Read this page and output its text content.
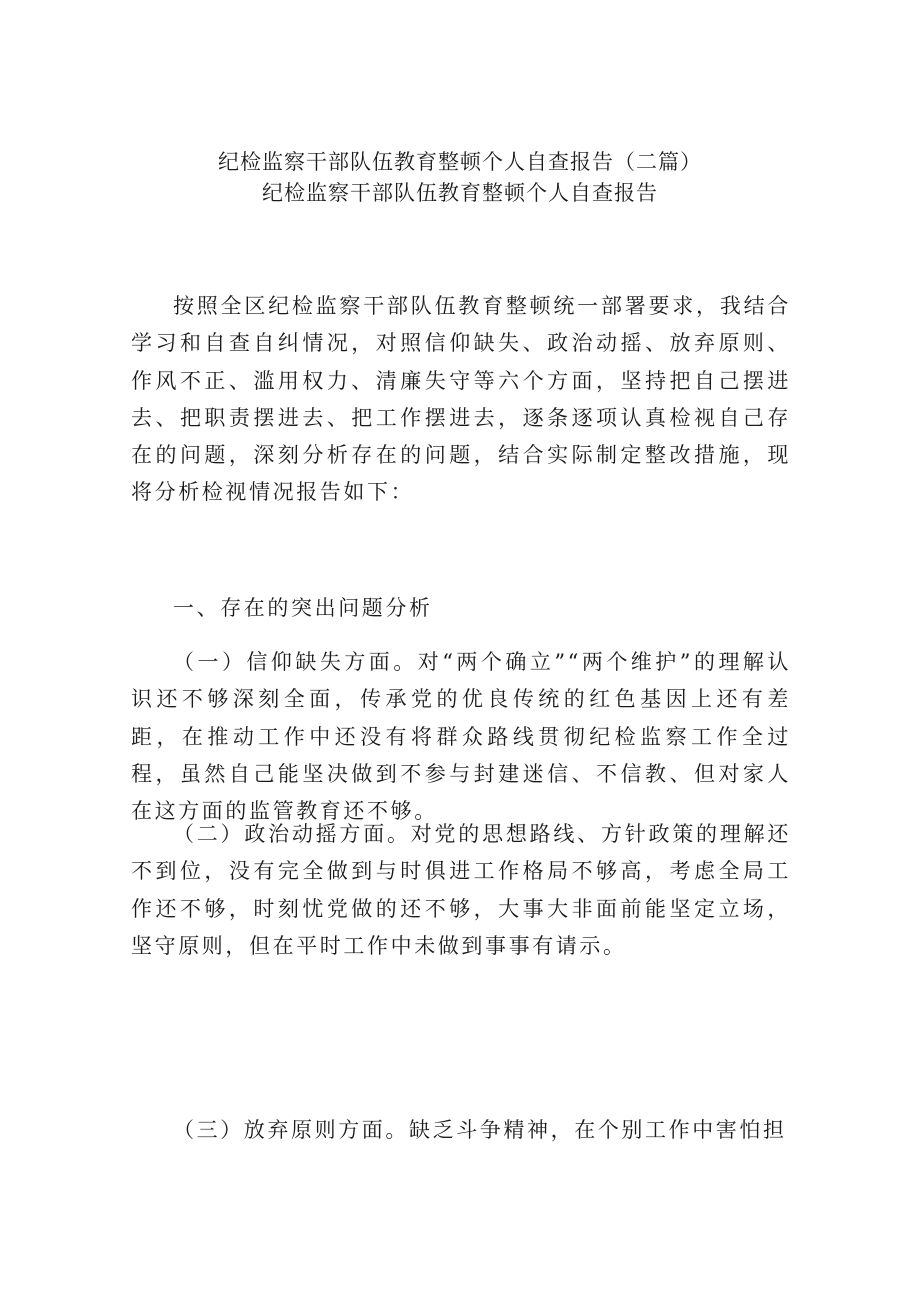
纪检监察干部队伍教育整顿个人自查报告（二篇）
纪检监察干部队伍教育整顿个人自查报告

按照全区纪检监察干部队伍教育整顿统一部署要求，我结合学习和自查自纠情况，对照信仰缺失、政治动摇、放弃原则、作风不正、滥用权力、清廉失守等六个方面，坚持把自己摆进去、把职责摆进去、把工作摆进去，逐条逐项认真检视自己存在的问题，深刻分析存在的问题，结合实际制定整改措施，现将分析检视情况报告如下：

一、存在的突出问题分析

（一）信仰缺失方面。对“两个确立”“两个维护”的理解认识还不够深刻全面，传承党的优良传统的红色基因上还有差距，在推动工作中还没有将群众路线贯彻纪检监察工作全过程，虽然自己能坚决做到不参与封建迷信、不信教、但对家人在这方面的监管教育还不够。

（二）政治动摇方面。对党的思想路线、方针政策的理解还不到位，没有完全做到与时俱进工作格局不够高，考虑全局工作还不够，时刻忧党做的还不够，大事大非面前能坚定立场，坚守原则，但在平时工作中未做到事事有请示。

（三）放弃原则方面。缺乏斗争精神，在个别工作中害怕担
